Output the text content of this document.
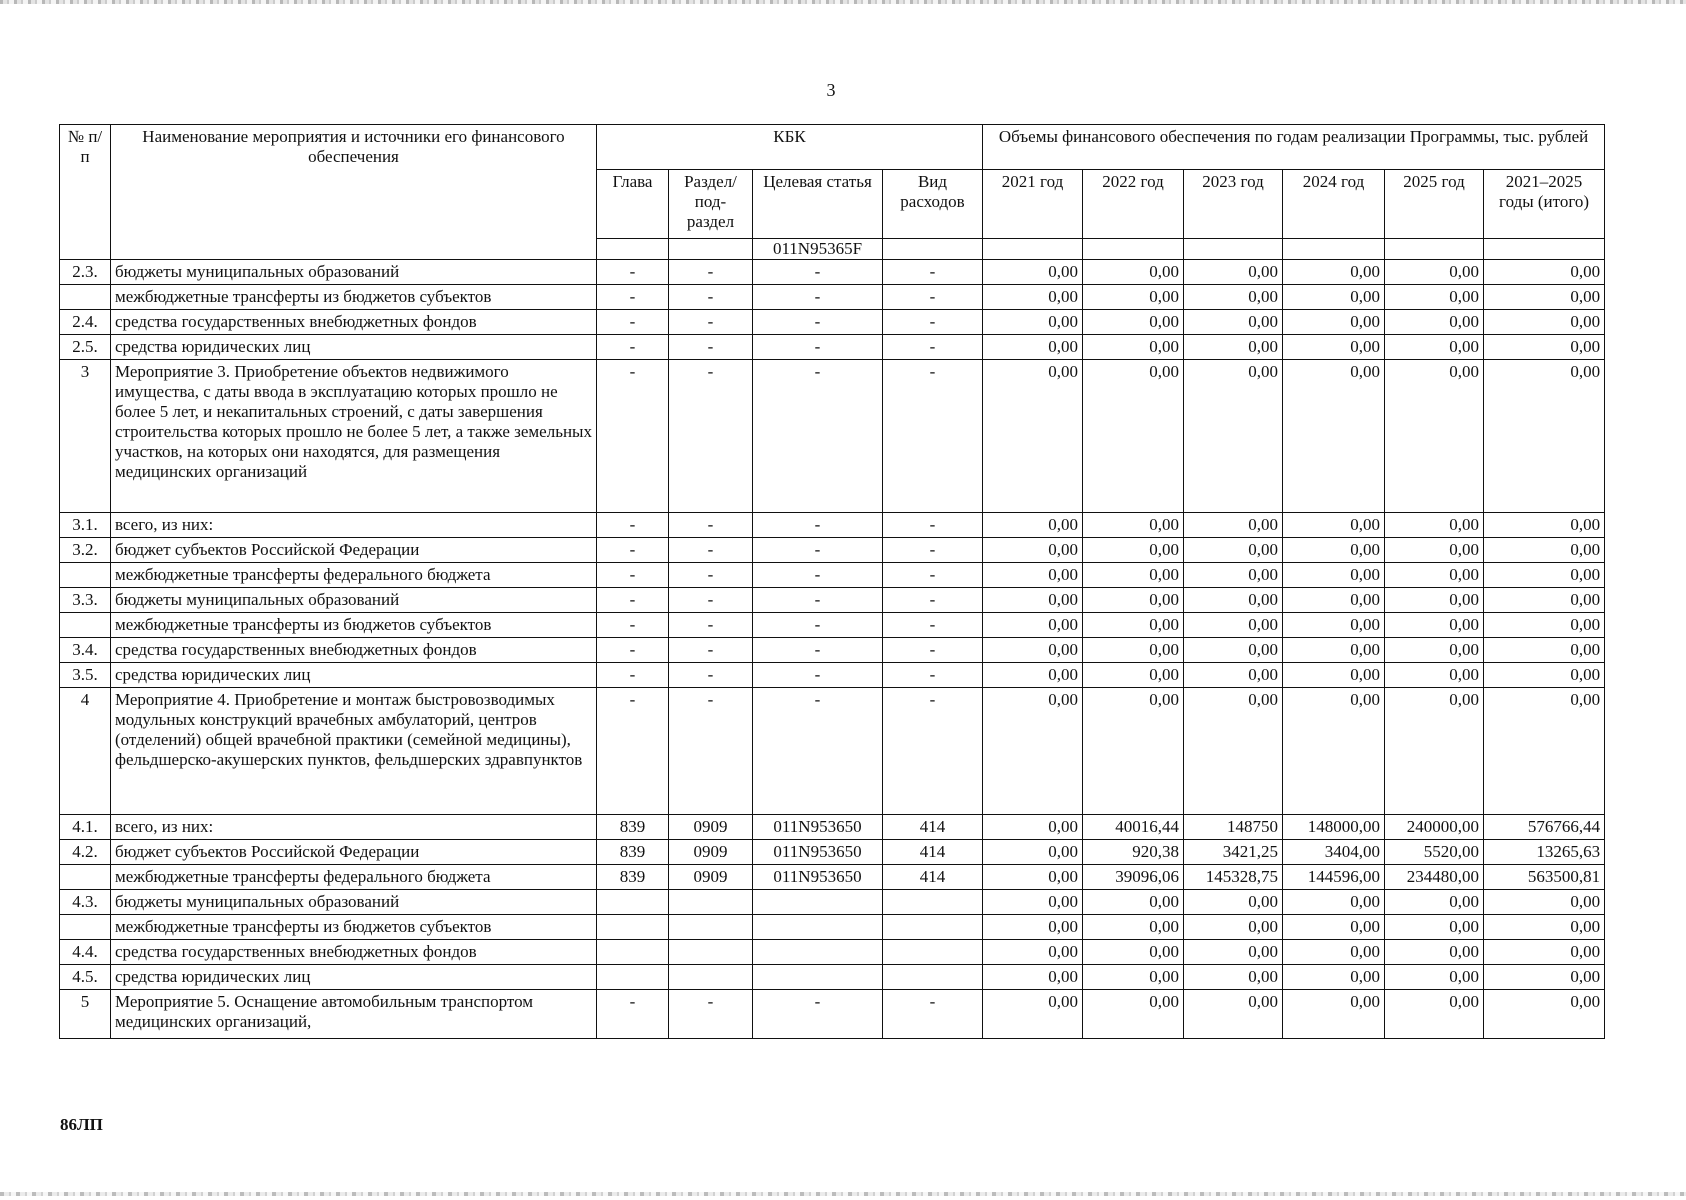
3
№ п/п	Наименование мероприятия и источники его финансового обеспечения	КБК				Объемы финансового обеспечения по годам реализации Программы, тыс. рублей					
		Глава	Раздел/ под-раздел	Целевая статья	Вид расходов	2021 год	2022 год	2023 год	2024 год	2025 год	2021–2025 годы (итого)
				011N95365F							
2.3.	бюджеты муниципальных образований	-	-	-	-	0,00	0,00	0,00	0,00	0,00	0,00
	межбюджетные трансферты из бюджетов субъектов	-	-	-	-	0,00	0,00	0,00	0,00	0,00	0,00
2.4.	средства государственных внебюджетных фондов	-	-	-	-	0,00	0,00	0,00	0,00	0,00	0,00
2.5.	средства юридических лиц	-	-	-	-	0,00	0,00	0,00	0,00	0,00	0,00
3	Мероприятие 3. Приобретение объектов недвижимого имущества, с даты ввода в эксплуатацию которых прошло не более 5 лет, и некапитальных строений, с даты завершения строительства которых прошло не более 5 лет, а также земельных участков, на которых они находятся, для размещения медицинских организаций	-	-	-	-	0,00	0,00	0,00	0,00	0,00	0,00
3.1.	всего, из них:	-	-	-	-	0,00	0,00	0,00	0,00	0,00	0,00
3.2.	бюджет субъектов Российской Федерации	-	-	-	-	0,00	0,00	0,00	0,00	0,00	0,00
	межбюджетные трансферты федерального бюджета	-	-	-	-	0,00	0,00	0,00	0,00	0,00	0,00
3.3.	бюджеты муниципальных образований	-	-	-	-	0,00	0,00	0,00	0,00	0,00	0,00
	межбюджетные трансферты из бюджетов субъектов	-	-	-	-	0,00	0,00	0,00	0,00	0,00	0,00
3.4.	средства государственных внебюджетных фондов	-	-	-	-	0,00	0,00	0,00	0,00	0,00	0,00
3.5.	средства юридических лиц	-	-	-	-	0,00	0,00	0,00	0,00	0,00	0,00
4	Мероприятие 4. Приобретение и монтаж быстровозводимых модульных конструкций врачебных амбулаторий, центров (отделений) общей врачебной практики (семейной медицины), фельдшерско-акушерских пунктов, фельдшерских здравпунктов	-	-	-	-	0,00	0,00	0,00	0,00	0,00	0,00
4.1.	всего, из них:	839	0909	011N953650	414	0,00	40016,44	148750	148000,00	240000,00	576766,44
4.2.	бюджет субъектов Российской Федерации	839	0909	011N953650	414	0,00	920,38	3421,25	3404,00	5520,00	13265,63
	межбюджетные трансферты федерального бюджета	839	0909	011N953650	414	0,00	39096,06	145328,75	144596,00	234480,00	563500,81
4.3.	бюджеты муниципальных образований					0,00	0,00	0,00	0,00	0,00	0,00
	межбюджетные трансферты из бюджетов субъектов					0,00	0,00	0,00	0,00	0,00	0,00
4.4.	средства государственных внебюджетных фондов					0,00	0,00	0,00	0,00	0,00	0,00
4.5.	средства юридических лиц					0,00	0,00	0,00	0,00	0,00	0,00
5	Мероприятие 5. Оснащение автомобильным транспортом медицинских организаций,	-	-	-	-	0,00	0,00	0,00	0,00	0,00	0,00
86ЛП
